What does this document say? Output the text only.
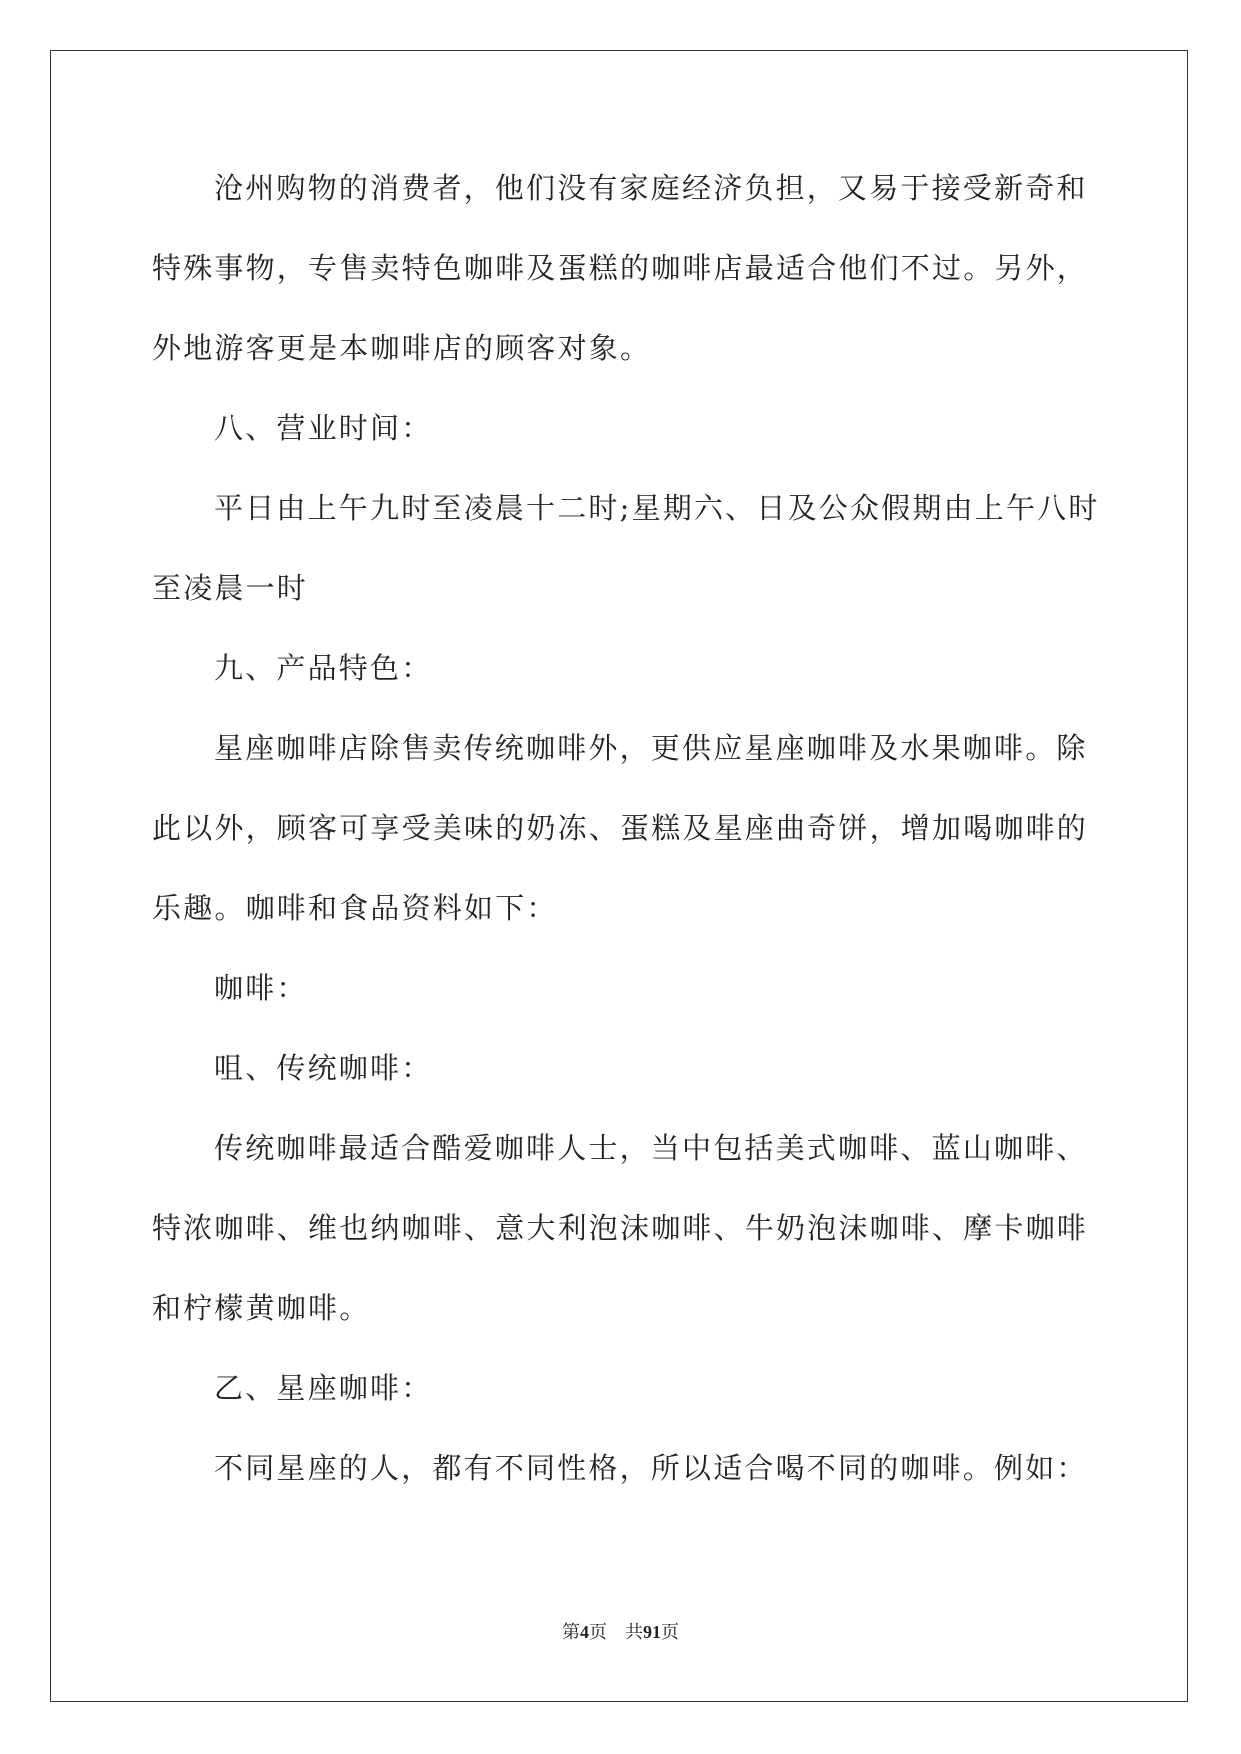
沧州购物的消费者，他们没有家庭经济负担，又易于接受新奇和
特殊事物，专售卖特色咖啡及蛋糕的咖啡店最适合他们不过。另外，
外地游客更是本咖啡店的顾客对象。
八、营业时间：
平日由上午九时至凌晨十二时;星期六、日及公众假期由上午八时
至凌晨一时
九、产品特色：
星座咖啡店除售卖传统咖啡外，更供应星座咖啡及水果咖啡。除
此以外，顾客可享受美味的奶冻、蛋糕及星座曲奇饼，增加喝咖啡的
乐趣。咖啡和食品资料如下：
咖啡：
咀、传统咖啡：
传统咖啡最适合酷爱咖啡人士，当中包括美式咖啡、蓝山咖啡、
特浓咖啡、维也纳咖啡、意大利泡沫咖啡、牛奶泡沫咖啡、摩卡咖啡
和柠檬黄咖啡。
乙、星座咖啡：
不同星座的人，都有不同性格，所以适合喝不同的咖啡。例如：
第4页 共91页
